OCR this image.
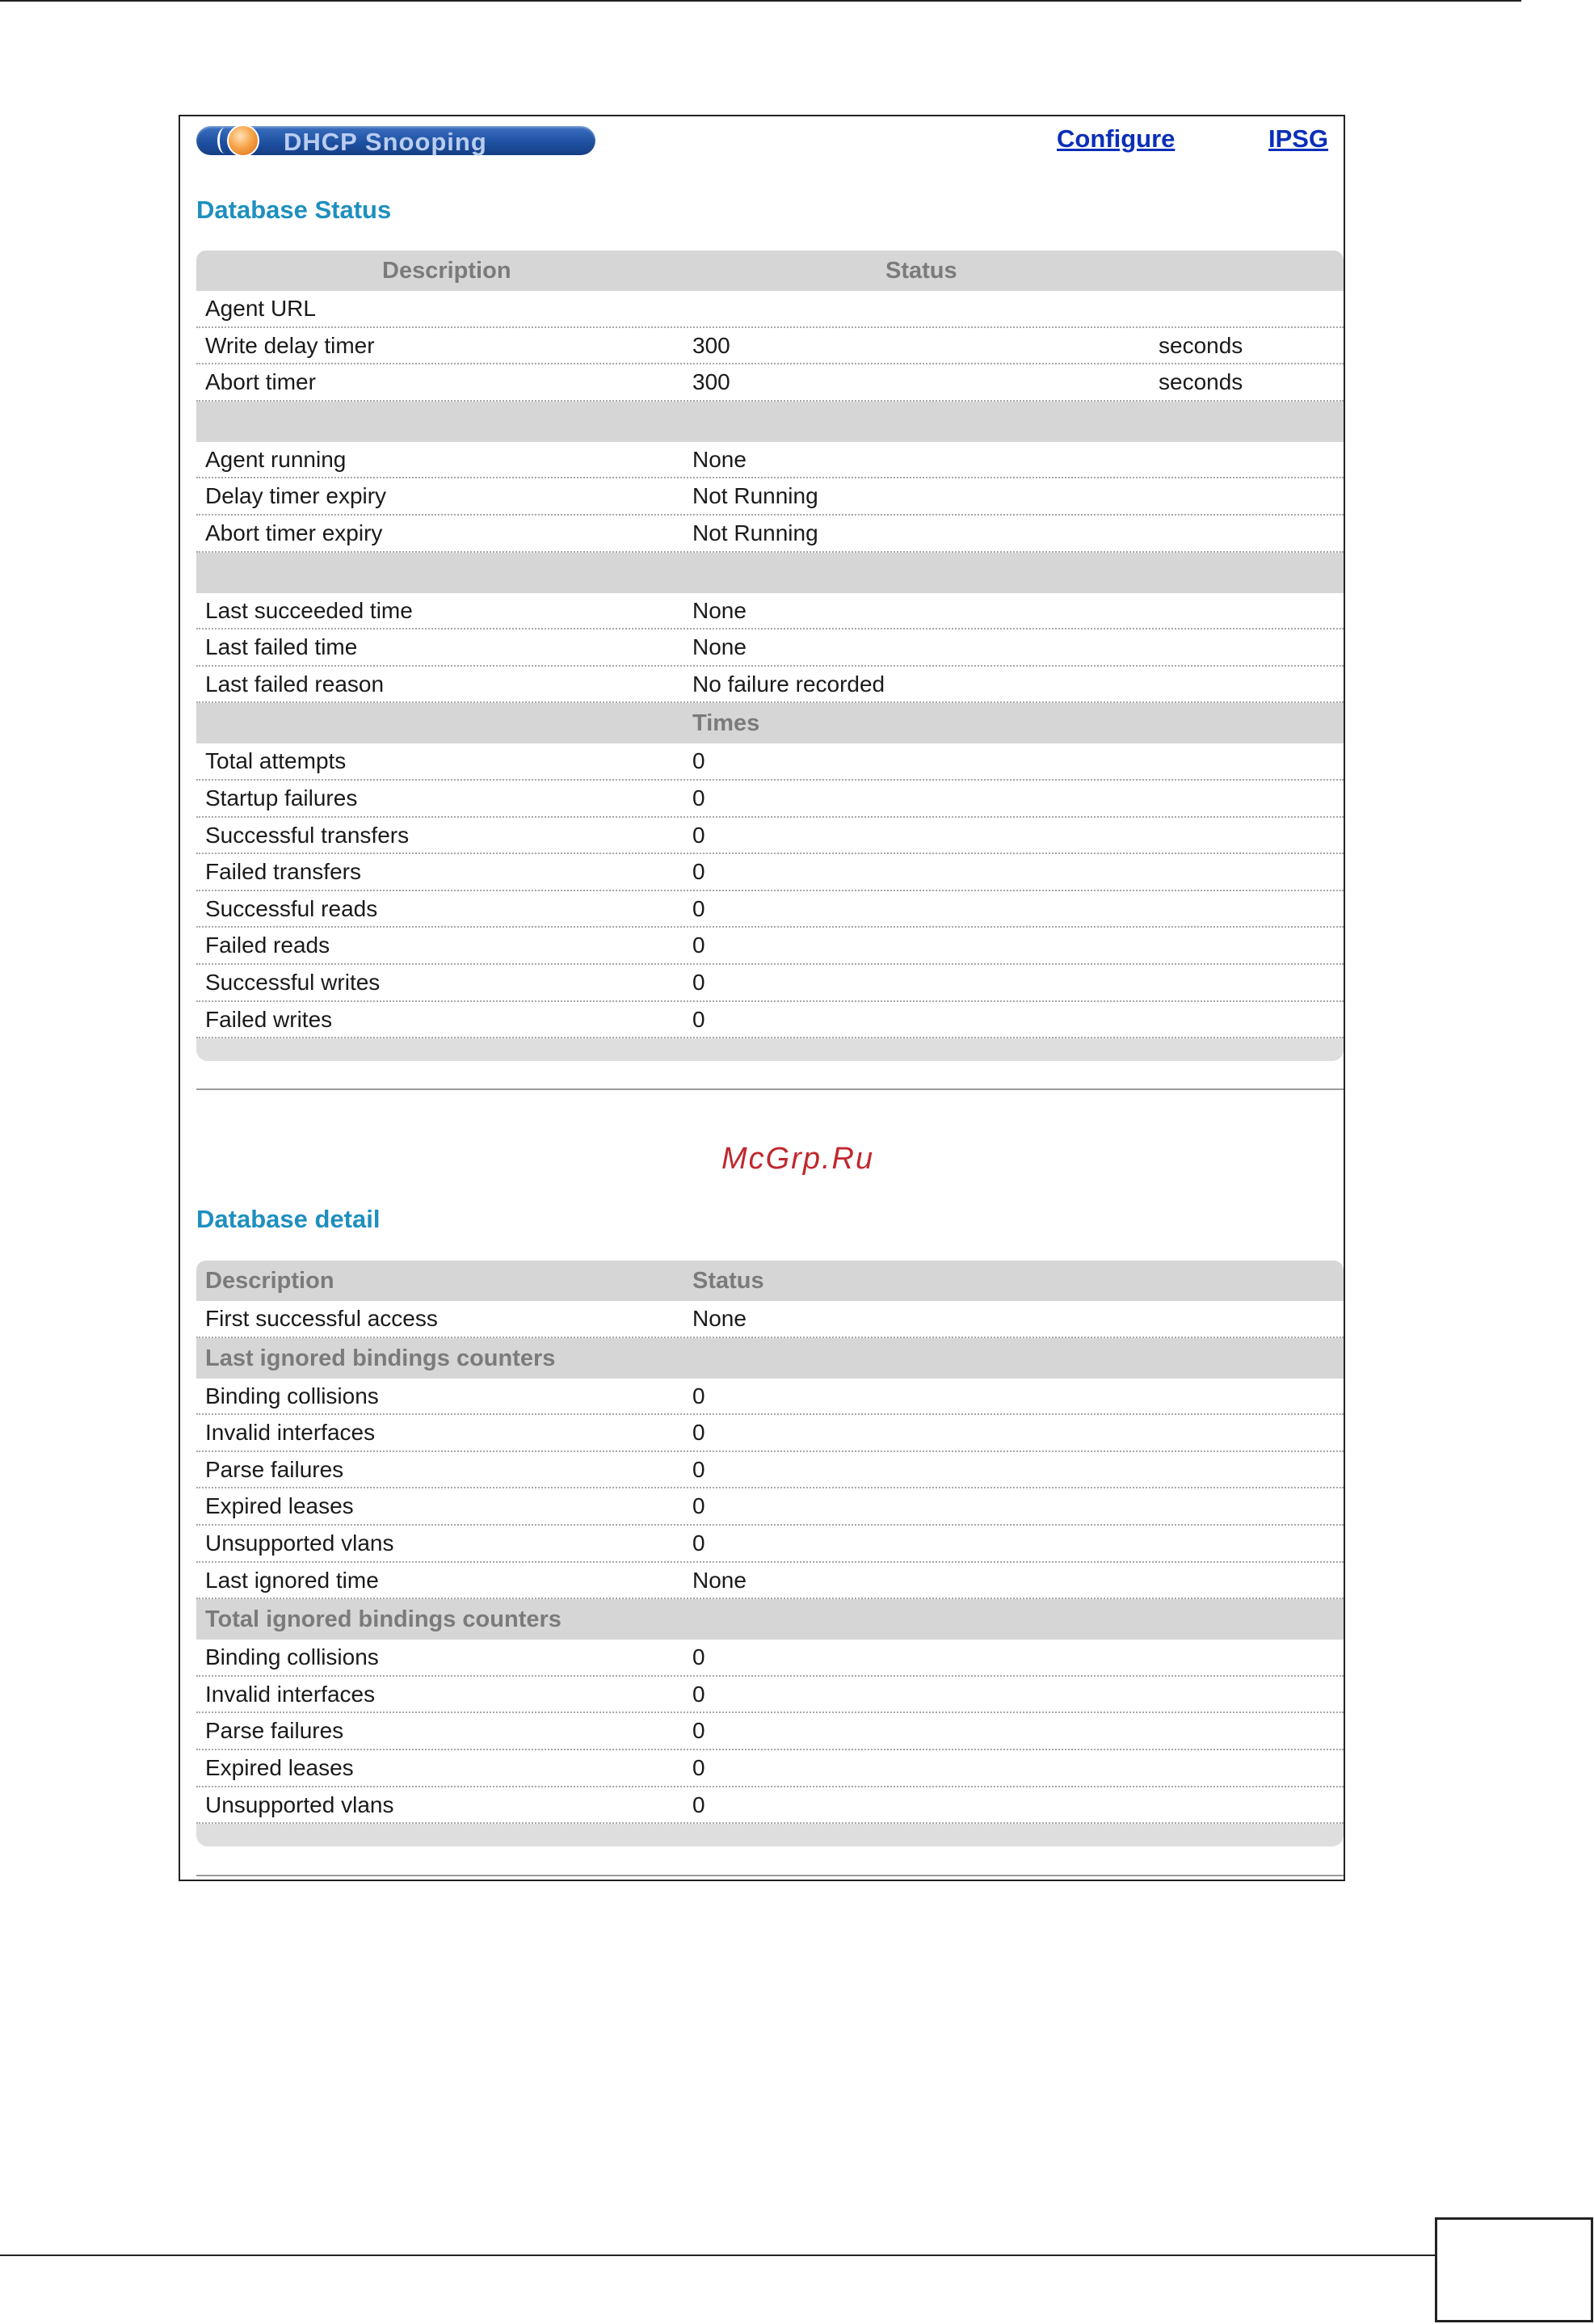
DHCP Snooping	Configure	IPSG
Database Status
Description	Status
Agent URL
Write delay timer	300	seconds
Abort timer	300	seconds
Agent running	None
Delay timer expiry	Not Running
Abort timer expiry	Not Running
Last succeeded time	None
Last failed time	None
Last failed reason	No failure recorded
Times
Total attempts	0
Startup failures	0
Successful transfers	0
Failed transfers	0
Successful reads	0
Failed reads	0
Successful writes	0
Failed writes	0
Database detail
Description	Status
First successful access	None
Last ignored bindings counters
Binding collisions	0
Invalid interfaces	0
Parse failures	0
Expired leases	0
Unsupported vlans	0
Last ignored time	None
Total ignored bindings counters
Binding collisions	0
Invalid interfaces	0
Parse failures	0
Expired leases	0
Unsupported vlans	0
McGrp.Ru
